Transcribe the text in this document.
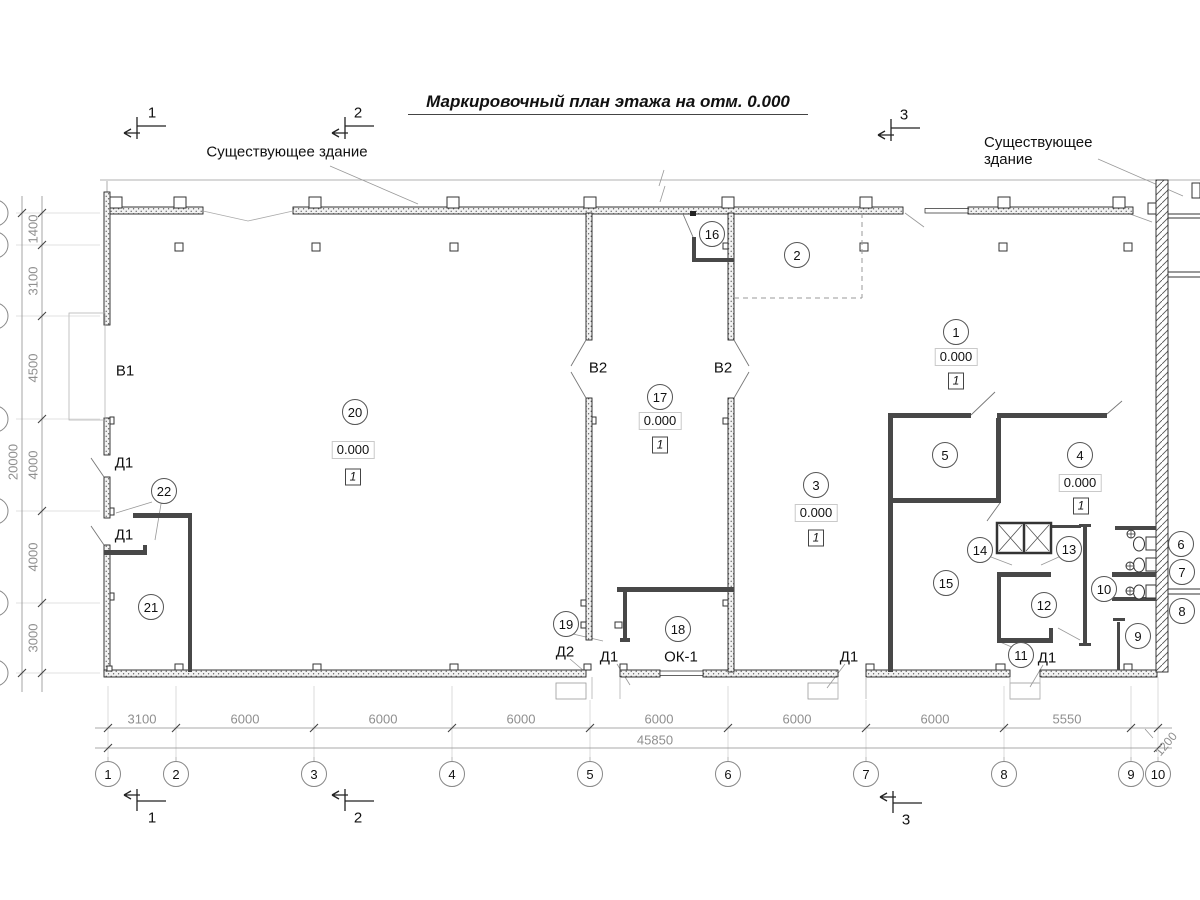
Маркировочный план этажа на отм. 0.000
Существующее здание
Существующее здание
1	2	3
1	2	3
20
17
1
4
3
2
5
6
7
8
9
10
11
12
13
14
15
16
18
19
21
22
0.000
1
0.000
1
0.000
1
0.000
1
0.000
1
В1	В2	В2
Д1
Д1
Д2 Д1	ОК-1	Д1	Д1
1	2	3	4	5	6	7	8	9	10
3100	6000	6000	6000	6000	6000	6000	5550
1200
45850
1400
3100
4500
4000
4000
3000
20000
